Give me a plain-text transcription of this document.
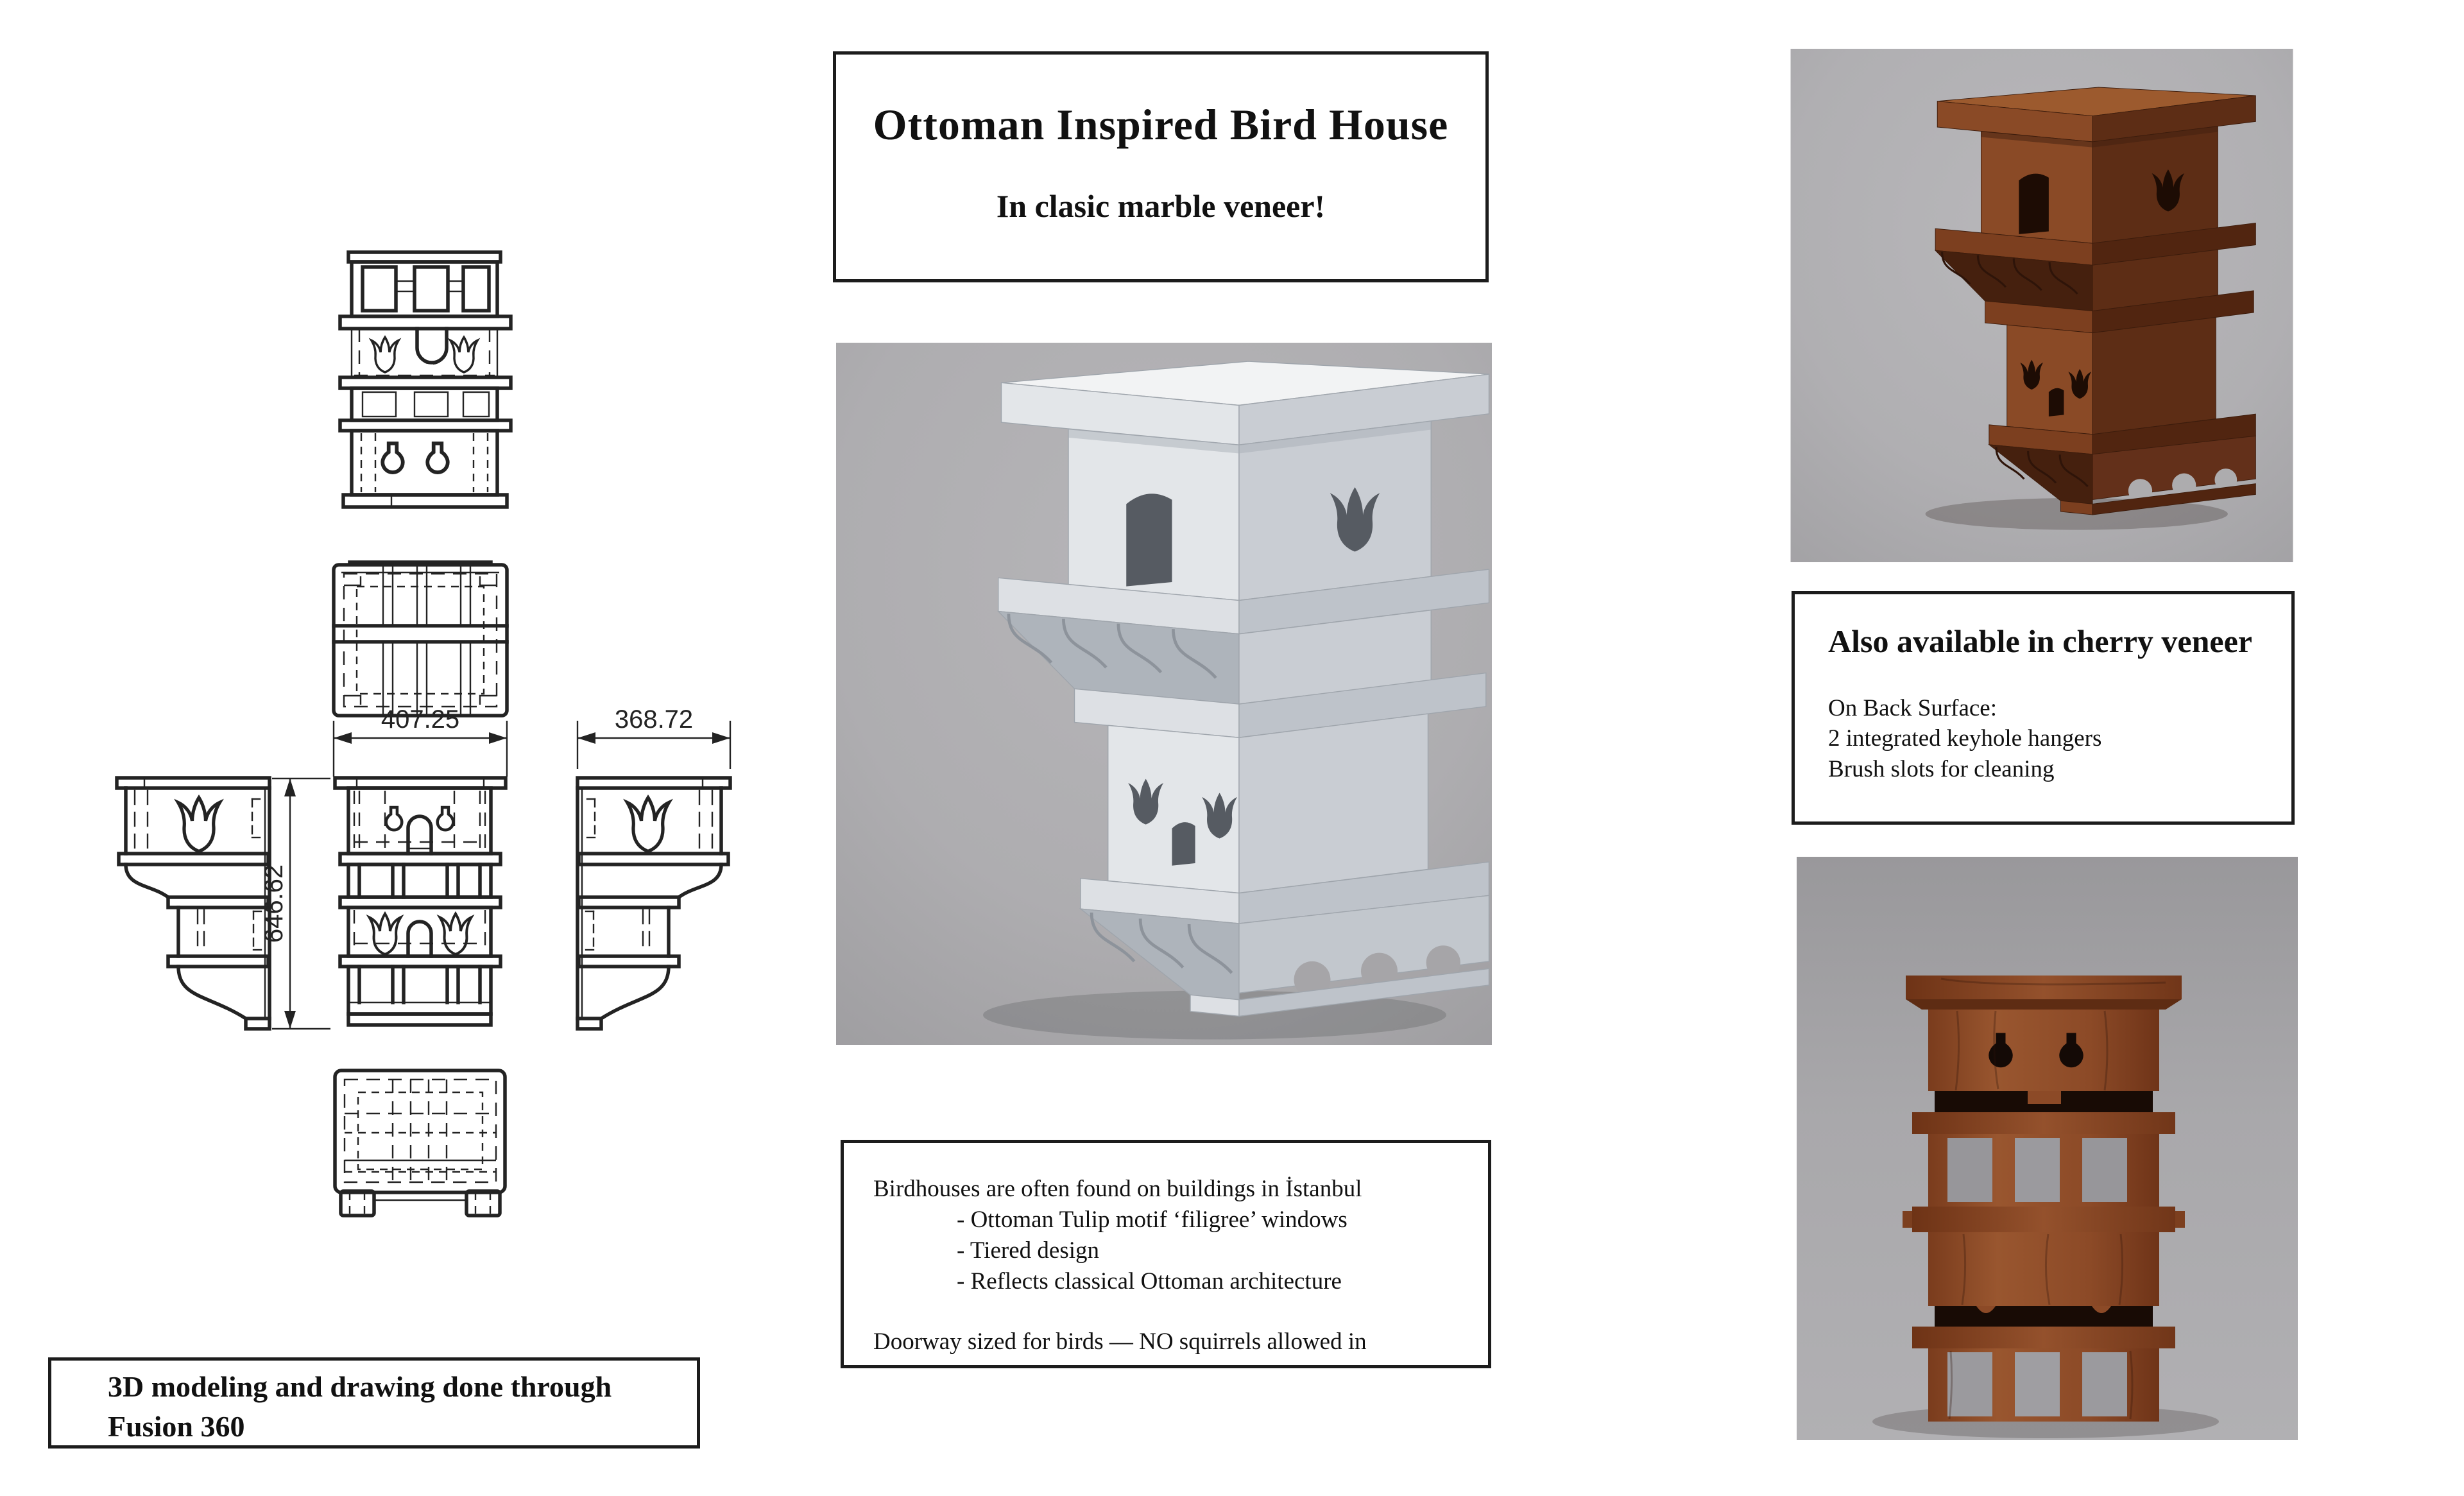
407.25	368.72
646.62
Ottoman Inspired Bird House
In clasic marble veneer!
Birdhouses are often found on buildings in İstanbul
- Ottoman Tulip motif ‘filigree’ windows
- Tiered design
- Reflects classical Ottoman architecture
Doorway sized for birds — NO squirrels allowed in
Also available in cherry veneer
On Back Surface:
2 integrated keyhole hangers
Brush slots for cleaning
3D modeling and drawing done through
Fusion 360
